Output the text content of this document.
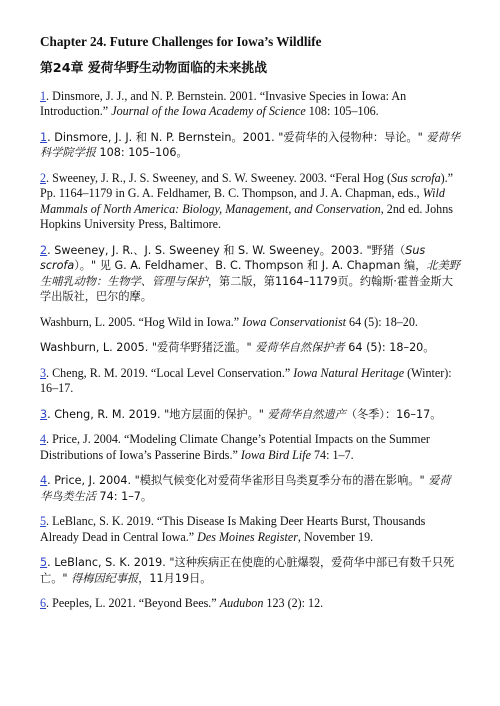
Chapter 24. Future Challenges for Iowa’s Wildlife
第24章 爱荷华野生动物面临的未来挑战

1. Dinsmore, J. J., and N. P. Bernstein. 2001. “Invasive Species in Iowa: An Introduction.” Journal of the Iowa Academy of Science 108: 105–106.

1. Dinsmore, J. J. 和 N. P. Bernstein。2001. "爱荷华的入侵物种：导论。" 爱荷华科学院学报 108: 105–106。

2. Sweeney, J. R., J. S. Sweeney, and S. W. Sweeney. 2003. “Feral Hog (Sus scrofa).” Pp. 1164–1179 in G. A. Feldhamer, B. C. Thompson, and J. A. Chapman, eds., Wild Mammals of North America: Biology, Management, and Conservation, 2nd ed. Johns Hopkins University Press, Baltimore.

2. Sweeney, J. R.、J. S. Sweeney 和 S. W. Sweeney。2003. "野猪（Sus scrofa）。" 见 G. A. Feldhamer、B. C. Thompson 和 J. A. Chapman 编，北美野生哺乳动物：生物学、管理与保护，第二版，第1164–1179页。约翰斯·霍普金斯大学出版社，巴尔的摩。

Washburn, L. 2005. “Hog Wild in Iowa.” Iowa Conservationist 64 (5): 18–20.

Washburn, L. 2005. "爱荷华野猪泛滥。" 爱荷华自然保护者 64 (5): 18–20。

3. Cheng, R. M. 2019. “Local Level Conservation.” Iowa Natural Heritage (Winter): 16–17.

3. Cheng, R. M. 2019. "地方层面的保护。" 爱荷华自然遗产（冬季）：16–17。

4. Price, J. 2004. “Modeling Climate Change’s Potential Impacts on the Summer Distributions of Iowa’s Passerine Birds.” Iowa Bird Life 74: 1–7.

4. Price, J. 2004. "模拟气候变化对爱荷华雀形目鸟类夏季分布的潜在影响。" 爱荷华鸟类生活 74: 1–7。

5. LeBlanc, S. K. 2019. “This Disease Is Making Deer Hearts Burst, Thousands Already Dead in Central Iowa.” Des Moines Register, November 19.

5. LeBlanc, S. K. 2019. "这种疾病正在使鹿的心脏爆裂，爱荷华中部已有数千只死亡。" 得梅因纪事报，11月19日。

6. Peeples, L. 2021. “Beyond Bees.” Audubon 123 (2): 12.
